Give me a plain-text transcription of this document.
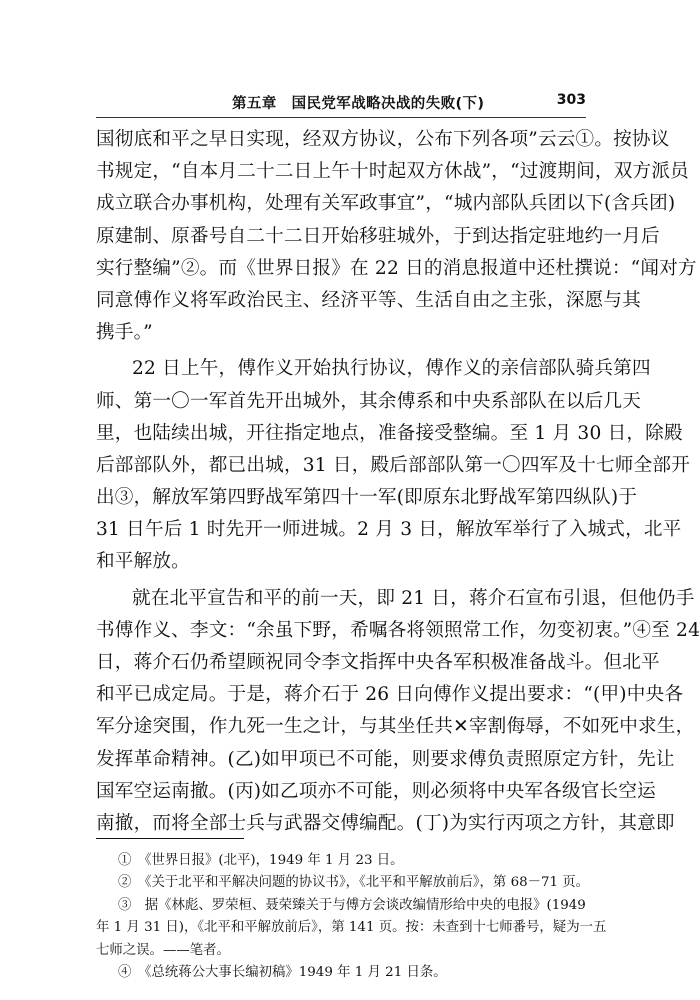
第五章　国民党军战略决战的失败(下)	303
国彻底和平之早日实现，经双方协议，公布下列各项”云云①。按协议
书规定，“自本月二十二日上午十时起双方休战”，“过渡期间，双方派员
成立联合办事机构，处理有关军政事宜”，“城内部队兵团以下(含兵团)
原建制、原番号自二十二日开始移驻城外，于到达指定驻地约一月后
实行整编”②。而《世界日报》在 22 日的消息报道中还杜撰说：“闻对方
同意傅作义将军政治民主、经济平等、生活自由之主张，深愿与其
携手。”
22 日上午，傅作义开始执行协议，傅作义的亲信部队骑兵第四
师、第一〇一军首先开出城外，其余傅系和中央系部队在以后几天
里，也陆续出城，开往指定地点，准备接受整编。至 1 月 30 日，除殿
后部部队外，都已出城，31 日，殿后部部队第一〇四军及十七师全部开
出③，解放军第四野战军第四十一军(即原东北野战军第四纵队)于
31 日午后 1 时先开一师进城。2 月 3 日，解放军举行了入城式，北平
和平解放。
就在北平宣告和平的前一天，即 21 日，蒋介石宣布引退，但他仍手
书傅作义、李文：“余虽下野，希嘱各将领照常工作，勿变初衷。”④至 24
日，蒋介石仍希望顾祝同令李文指挥中央各军积极准备战斗。但北平
和平已成定局。于是，蒋介石于 26 日向傅作义提出要求：“(甲)中央各
军分途突围，作九死一生之计，与其坐任共✕宰割侮辱，不如死中求生，
发挥革命精神。(乙)如甲项已不可能，则要求傅负责照原定方针，先让
国军空运南撤。(丙)如乙项亦不可能，则必须将中央军各级官长空运
南撤，而将全部士兵与武器交傅编配。(丁)为实行丙项之方针，其意即
①　《世界日报》(北平)，1949 年 1 月 23 日。
②　《关于北平和平解决问题的协议书》，《北平和平解放前后》，第 68－71 页。
③　据《林彪、罗荣桓、聂荣臻关于与傅方会谈改编情形给中央的电报》(1949
年 1 月 31 日)，《北平和平解放前后》，第 141 页。按：未查到十七师番号，疑为一五
七师之误。——笔者。
④　《总统蒋公大事长编初稿》1949 年 1 月 21 日条。
